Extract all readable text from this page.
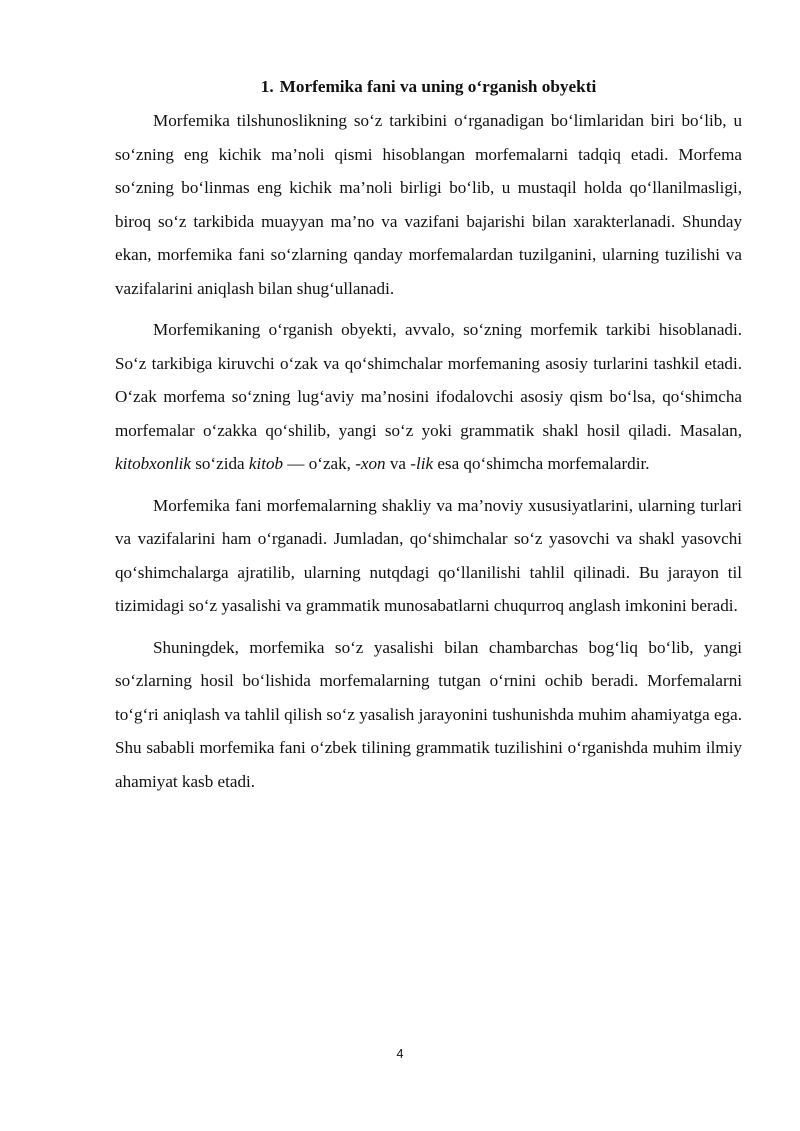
1. Morfemika fani va uning o‘rganish obyekti

Morfemika tilshunoslikning so‘z tarkibini o‘rganadigan bo‘limlaridan biri bo‘lib, u so‘zning eng kichik ma’noli qismi hisoblangan morfemalarni tadqiq etadi. Morfema so‘zning bo‘linmas eng kichik ma’noli birligi bo‘lib, u mustaqil holda qo‘llanilmasligi, biroq so‘z tarkibida muayyan ma’no va vazifani bajarishi bilan xarakterlanadi. Shunday ekan, morfemika fani so‘zlarning qanday morfemalardan tuzilganini, ularning tuzilishi va vazifalarini aniqlash bilan shug‘ullanadi.

Morfemikaning o‘rganish obyekti, avvalo, so‘zning morfemik tarkibi hisoblanadi. So‘z tarkibiga kiruvchi o‘zak va qo‘shimchalar morfemaning asosiy turlarini tashkil etadi. O‘zak morfema so‘zning lug‘aviy ma’nosini ifodalovchi asosiy qism bo‘lsa, qo‘shimcha morfemalar o‘zakka qo‘shilib, yangi so‘z yoki grammatik shakl hosil qiladi. Masalan, kitobxonlik so‘zida kitob — o‘zak, -xon va -lik esa qo‘shimcha morfemalardir.

Morfemika fani morfemalarning shakliy va ma’noviy xususiyatlarini, ularning turlari va vazifalarini ham o‘rganadi. Jumladan, qo‘shimchalar so‘z yasovchi va shakl yasovchi qo‘shimchalarga ajratilib, ularning nutqdagi qo‘llanilishi tahlil qilinadi. Bu jarayon til tizimidagi so‘z yasalishi va grammatik munosabatlarni chuqurroq anglash imkonini beradi.

Shuningdek, morfemika so‘z yasalishi bilan chambarchas bog‘liq bo‘lib, yangi so‘zlarning hosil bo‘lishida morfemalarning tutgan o‘rnini ochib beradi. Morfemalarni to‘g‘ri aniqlash va tahlil qilish so‘z yasalish jarayonini tushunishda muhim ahamiyatga ega. Shu sababli morfemika fani o‘zbek tilining grammatik tuzilishini o‘rganishda muhim ilmiy ahamiyat kasb etadi.

4
